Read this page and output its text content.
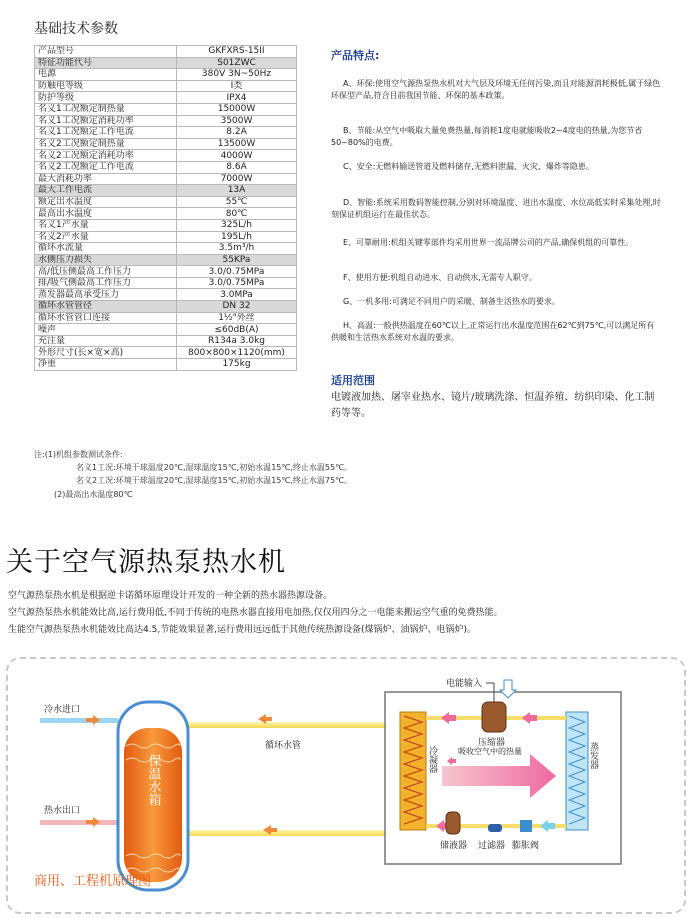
基础技术参数
产品型号	GKFXRS-15II
特征功能代号	S01ZWC
电源	380V 3N~50Hz
防触电等级	I类
防护等级	IPX4
名义1工况额定制热量	15000W
名义1工况额定消耗功率	3500W
名义1工况额定工作电流	8.2A
名义2工况额定制热量	13500W
名义2工况额定消耗功率	4000W
名义2工况额定工作电流	8.6A
最大消耗功率	7000W
最大工作电流	13A
额定出水温度	55℃
最高出水温度	80℃
名义1产水量	325L/h
名义2产水量	195L/h
循环水流量	3.5m³/h
水侧压力损失	55KPa
高/低压侧最高工作压力	3.0/0.75MPa
排/吸气侧最高工作压力	3.0/0.75MPa
蒸发器最高承受压力	3.0MPa
循环水管管径	DN 32
循环水管管口连接	1½"外丝
噪声	≤60dB(A)
充注量	R134a 3.0kg
外形尺寸(长×宽×高)	800×800×1120(mm)
净重	175kg
注:(1)机组参数测试条件:
名义1工况:环境干球温度20℃,湿球温度15℃,初始水温15℃,终止水温55℃。
名义2工况:环境干球温度20℃,湿球温度15℃,初始水温15℃,终止水温75℃。
(2)最高出水温度80℃
产品特点:
A、环保:使用空气源热泵热水机对大气层及环境无任何污染,而且对能源消耗极低,属于绿色环保型产品,符合目前我国节能、环保的基本政策。
B、节能:从空气中吸取大量免费热量,每消耗1度电就能吸收2~4度电的热量,为您节省50~80%的电费。
C、安全:无燃料输送管道及燃料储存,无燃料泄漏、火灾、爆炸等隐患。
D、智能:系统采用数码智能控制,分别对环境温度、进出水温度、水位高低实时采集处理,时刻保证机组运行在最佳状态。
E、可靠耐用:机组关键零部件均采用世界一流品牌公司的产品,确保机组的可靠性。
F、使用方便:机组自动进水、自动供水,无需专人职守。
G、一机多用:可满足不同用户的采暖、制备生活热水的要求。
H、高温:一般供热温度在60℃以上,正常运行出水温度范围在62℃到75℃,可以满足所有供暖和生活热水系统对水温的要求。
适用范围
电镀液加热、屠宰业热水、镜片/玻璃洗涤、恒温养殖、纺织印染、化工制药等等。
关于空气源热泵热水机
空气源热泵热水机是根据逆卡诺循环原理设计开发的一种全新的热水器热源设备。
空气源热泵热水机能效比高,运行费用低,不同于传统的电热水器直接用电加热,仅仅用四分之一电能来搬运空气重的免费热能。
生能空气源热泵热水机能效比高达4.5,节能效果显著,运行费用远远低于其他传统热源设备(煤锅炉、油锅炉、电锅炉)。
保温水箱
冷水进口
热水出口
循环水管	冷凝器	蒸发器
压缩器
电能输入
吸收空气中的热量
储液器 过滤器 膨胀阀
商用、工程机原理图
